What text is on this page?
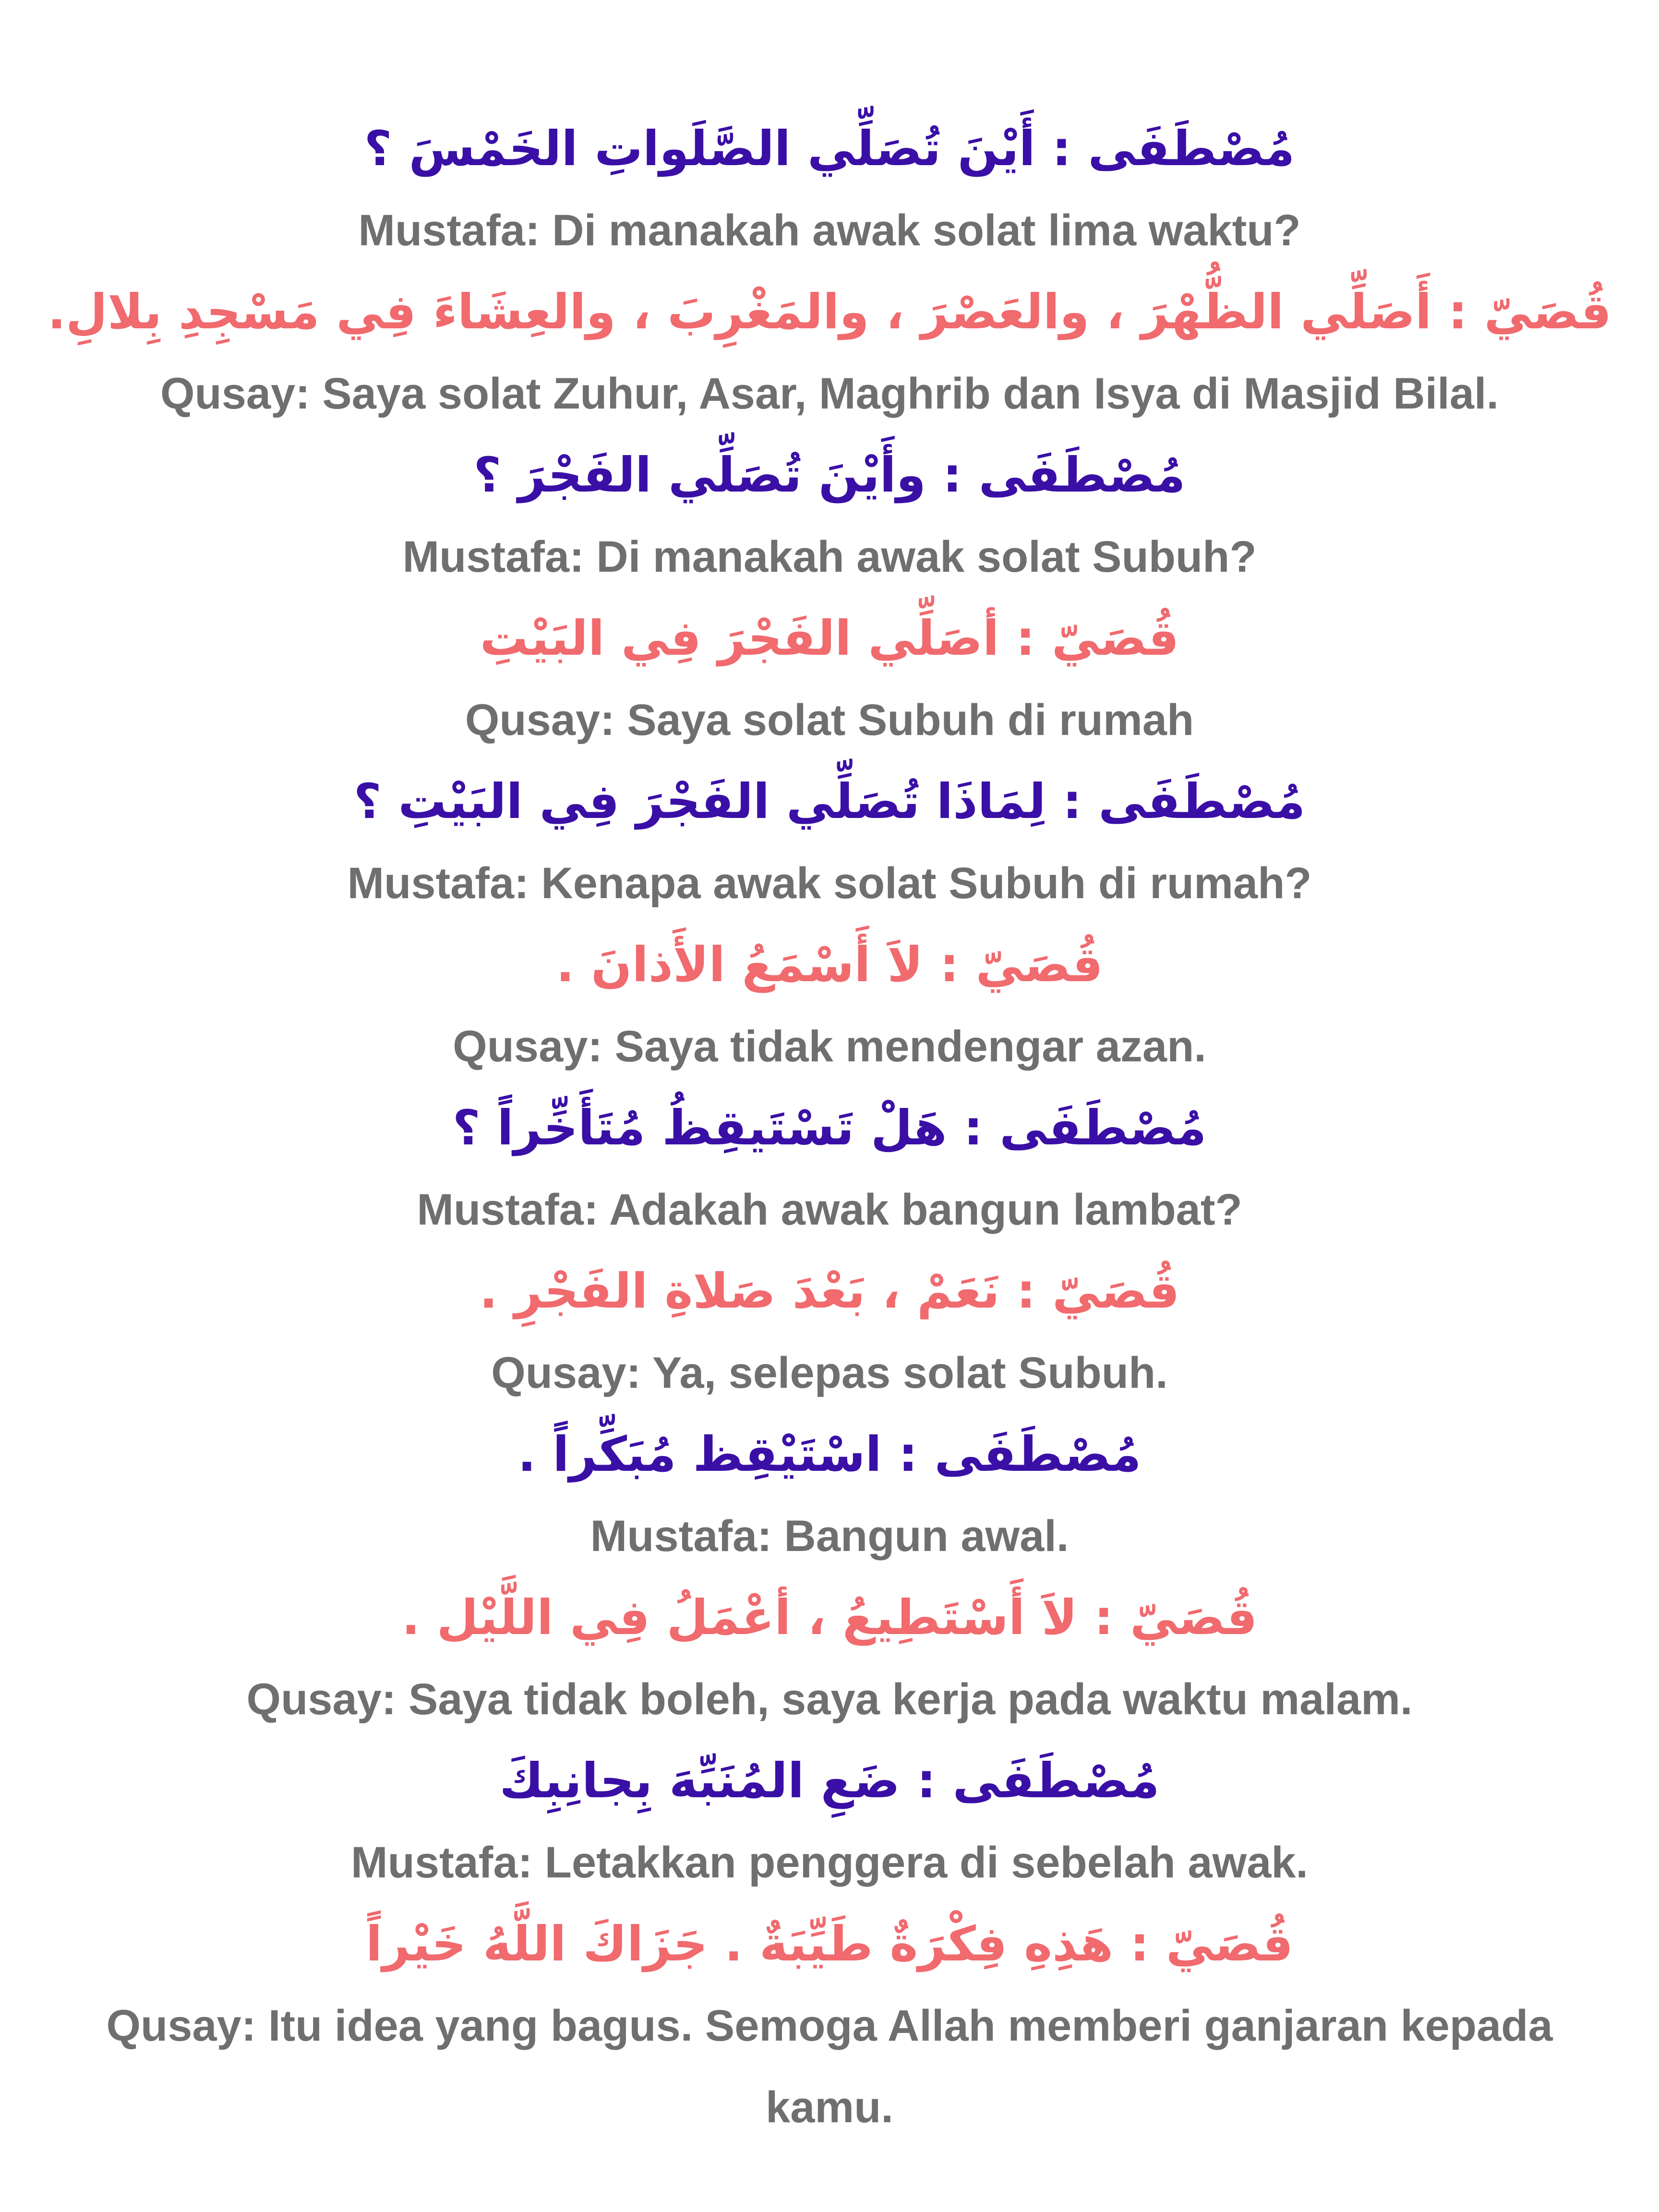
مُصْطَفَى : أَيْنَ تُصَلِّي الصَّلَواتِ الخَمْسَ ؟
Mustafa: Di manakah awak solat lima waktu?
قُصَيّ : أَصَلِّي الظُّهْرَ ، والعَصْرَ ، والمَغْرِبَ ، والعِشَاءَ فِي مَسْجِدِ بِلالِ.
Qusay: Saya solat Zuhur, Asar, Maghrib dan Isya di Masjid Bilal.
مُصْطَفَى : وأَيْنَ تُصَلِّي الفَجْرَ ؟
Mustafa: Di manakah awak solat Subuh?
قُصَيّ : أصَلِّي الفَجْرَ فِي البَيْتِ
Qusay: Saya solat Subuh di rumah
مُصْطَفَى : لِمَاذَا تُصَلِّي الفَجْرَ فِي البَيْتِ ؟
Mustafa: Kenapa awak solat Subuh di rumah?
قُصَيّ : لاَ أَسْمَعُ الأَذانَ .
Qusay: Saya tidak mendengar azan.
مُصْطَفَى : هَلْ تَسْتَيقِظُ مُتَأَخِّراً ؟
Mustafa: Adakah awak bangun lambat?
قُصَيّ : نَعَمْ ، بَعْدَ صَلاةِ الفَجْرِ .
Qusay: Ya, selepas solat Subuh.
مُصْطَفَى : اسْتَيْقِظ مُبَكِّراً .
Mustafa: Bangun awal.
قُصَيّ : لاَ أَسْتَطِيعُ ، أعْمَلُ فِي اللَّيْل .
Qusay: Saya tidak boleh, saya kerja pada waktu malam.
مُصْطَفَى : ضَعِ المُنَبِّهَ بِجانِبِكَ
Mustafa: Letakkan penggera di sebelah awak.
قُصَيّ : هَذِهِ فِكْرَةٌ طَيِّبَةٌ . جَزَاكَ اللَّهُ خَيْراً
Qusay: Itu idea yang bagus. Semoga Allah memberi ganjaran kepada kamu.
